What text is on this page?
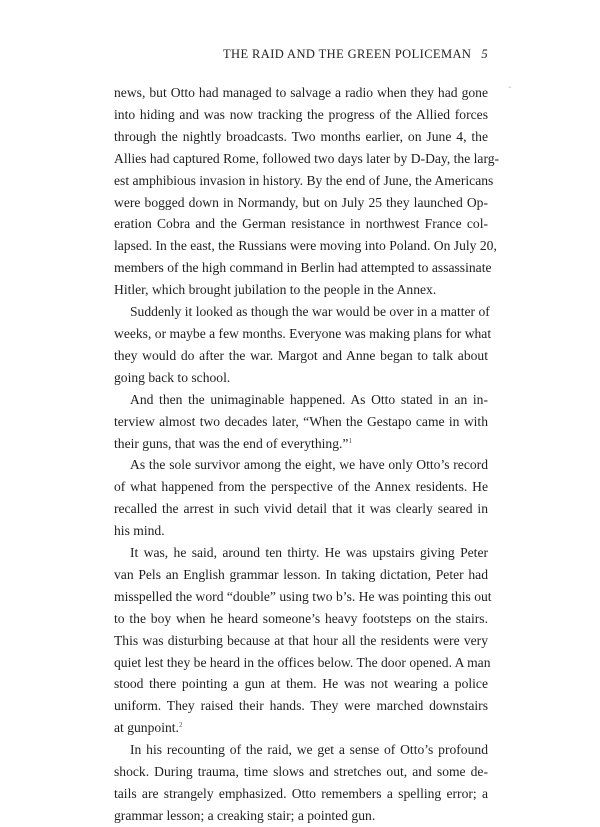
THE RAID AND THE GREEN POLICEMAN 5
-
news, but Otto had managed to salvage a radio when they had gone
into hiding and was now tracking the progress of the Allied forces
through the nightly broadcasts. Two months earlier, on June 4, the
Allies had captured Rome, followed two days later by D-Day, the larg-
est amphibious invasion in history. By the end of June, the Americans
were bogged down in Normandy, but on July 25 they launched Op-
eration Cobra and the German resistance in northwest France col-
lapsed. In the east, the Russians were moving into Poland. On July 20,
members of the high command in Berlin had attempted to assassinate
Hitler, which brought jubilation to the people in the Annex.
Suddenly it looked as though the war would be over in a matter of
weeks, or maybe a few months. Everyone was making plans for what
they would do after the war. Margot and Anne began to talk about
going back to school.
And then the unimaginable happened. As Otto stated in an in-
terview almost two decades later, “When the Gestapo came in with
their guns, that was the end of everything.”$^1$
As the sole survivor among the eight, we have only Otto’s record
of what happened from the perspective of the Annex residents. He
recalled the arrest in such vivid detail that it was clearly seared in
his mind.
It was, he said, around ten thirty. He was upstairs giving Peter
van Pels an English grammar lesson. In taking dictation, Peter had
misspelled the word “double” using two b’s. He was pointing this out
to the boy when he heard someone’s heavy footsteps on the stairs.
This was disturbing because at that hour all the residents were very
quiet lest they be heard in the offices below. The door opened. A man
stood there pointing a gun at them. He was not wearing a police
uniform. They raised their hands. They were marched downstairs
at gunpoint.$^2$
In his recounting of the raid, we get a sense of Otto’s profound
shock. During trauma, time slows and stretches out, and some de-
tails are strangely emphasized. Otto remembers a spelling error; a
grammar lesson; a creaking stair; a pointed gun.
